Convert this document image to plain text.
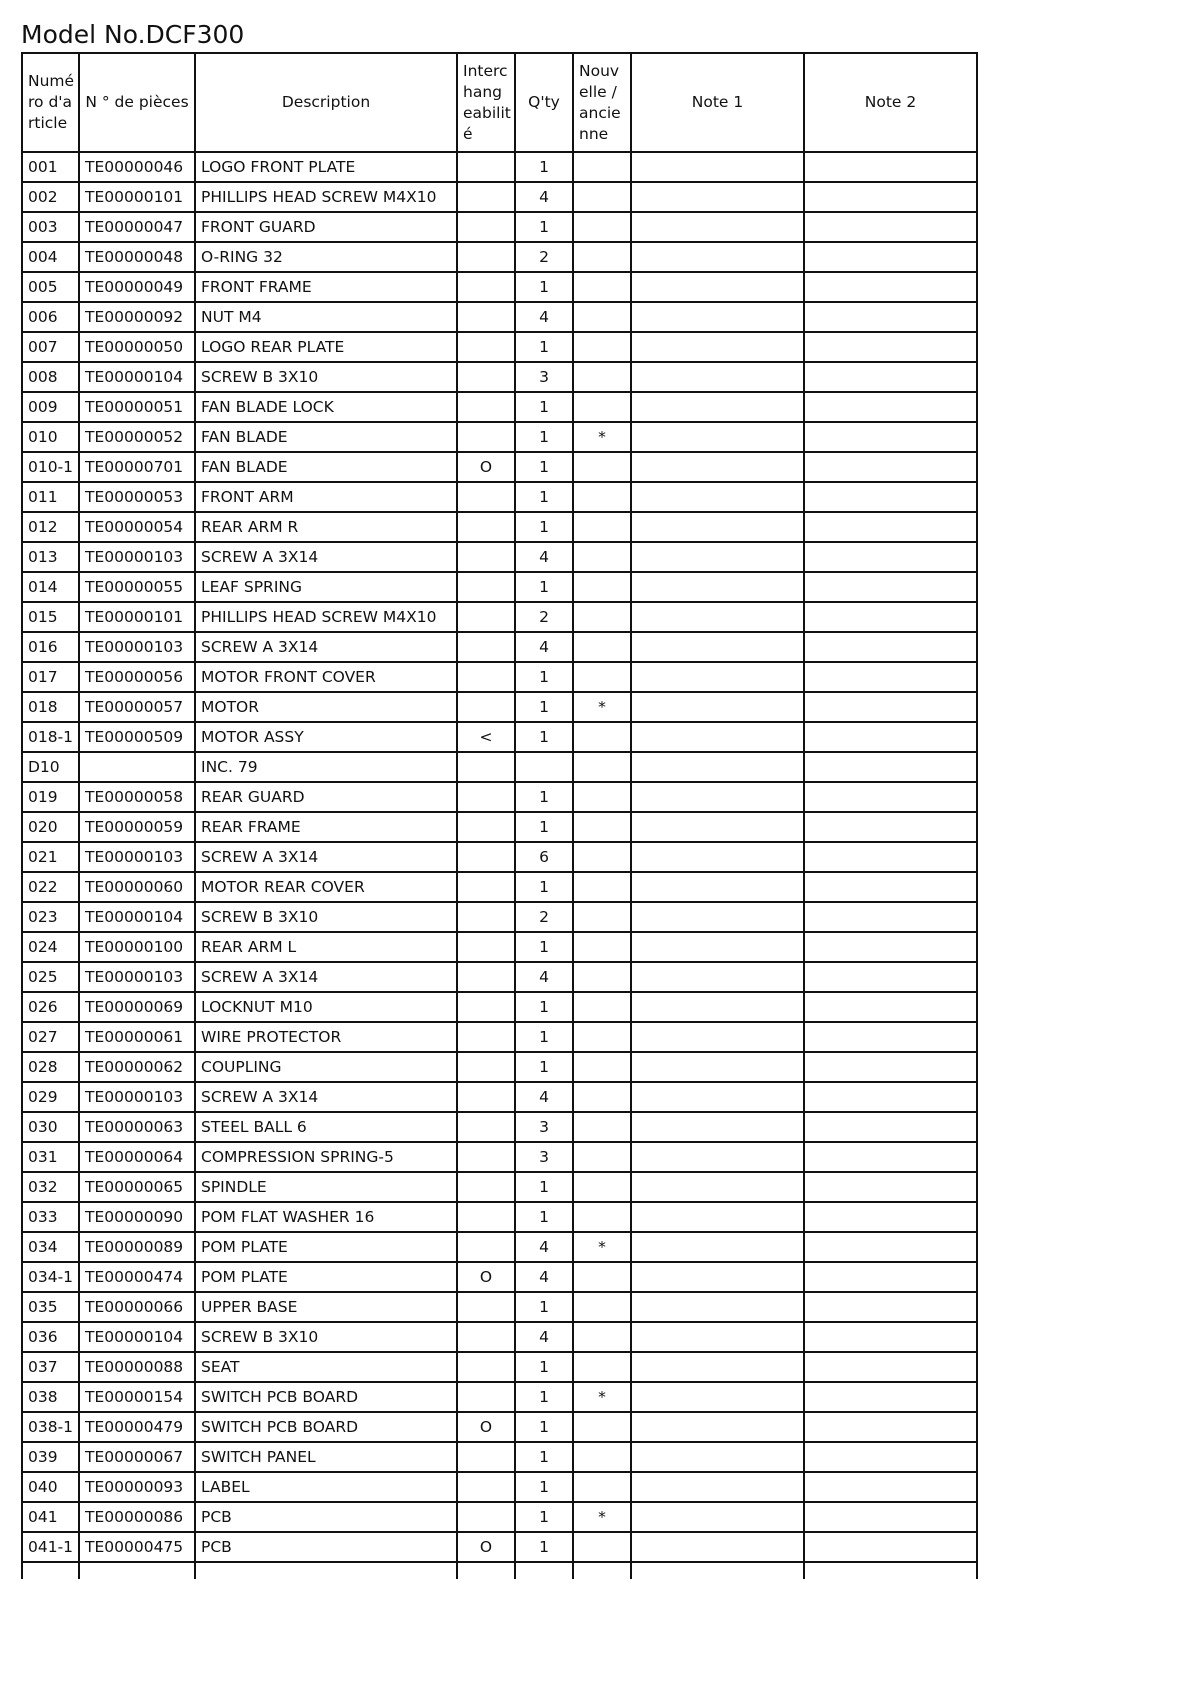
Model No.DCF300
Numéro d'article	N ° de pièces	Description	Interchangeabilité	Q'ty	Nouvelle / ancienne	Note 1	Note 2
001	TE00000046	LOGO FRONT PLATE		1			
002	TE00000101	PHILLIPS HEAD SCREW M4X10		4			
003	TE00000047	FRONT GUARD		1			
004	TE00000048	O-RING 32		2			
005	TE00000049	FRONT FRAME		1			
006	TE00000092	NUT M4		4			
007	TE00000050	LOGO REAR PLATE		1			
008	TE00000104	SCREW B 3X10		3			
009	TE00000051	FAN BLADE LOCK		1			
010	TE00000052	FAN BLADE		1	*		
010-1	TE00000701	FAN BLADE	O	1			
011	TE00000053	FRONT ARM		1			
012	TE00000054	REAR ARM R		1			
013	TE00000103	SCREW A 3X14		4			
014	TE00000055	LEAF SPRING		1			
015	TE00000101	PHILLIPS HEAD SCREW M4X10		2			
016	TE00000103	SCREW A 3X14		4			
017	TE00000056	MOTOR FRONT COVER		1			
018	TE00000057	MOTOR		1	*		
018-1	TE00000509	MOTOR ASSY	<	1			
D10		INC. 79					
019	TE00000058	REAR GUARD		1			
020	TE00000059	REAR FRAME		1			
021	TE00000103	SCREW A 3X14		6			
022	TE00000060	MOTOR REAR COVER		1			
023	TE00000104	SCREW B 3X10		2			
024	TE00000100	REAR ARM L		1			
025	TE00000103	SCREW A 3X14		4			
026	TE00000069	LOCKNUT M10		1			
027	TE00000061	WIRE PROTECTOR		1			
028	TE00000062	COUPLING		1			
029	TE00000103	SCREW A 3X14		4			
030	TE00000063	STEEL BALL 6		3			
031	TE00000064	COMPRESSION SPRING-5		3			
032	TE00000065	SPINDLE		1			
033	TE00000090	POM FLAT WASHER 16		1			
034	TE00000089	POM PLATE		4	*		
034-1	TE00000474	POM PLATE	O	4			
035	TE00000066	UPPER BASE		1			
036	TE00000104	SCREW B 3X10		4			
037	TE00000088	SEAT		1			
038	TE00000154	SWITCH PCB BOARD		1	*		
038-1	TE00000479	SWITCH PCB BOARD	O	1			
039	TE00000067	SWITCH PANEL		1			
040	TE00000093	LABEL		1			
041	TE00000086	PCB		1	*		
041-1	TE00000475	PCB	O	1			
